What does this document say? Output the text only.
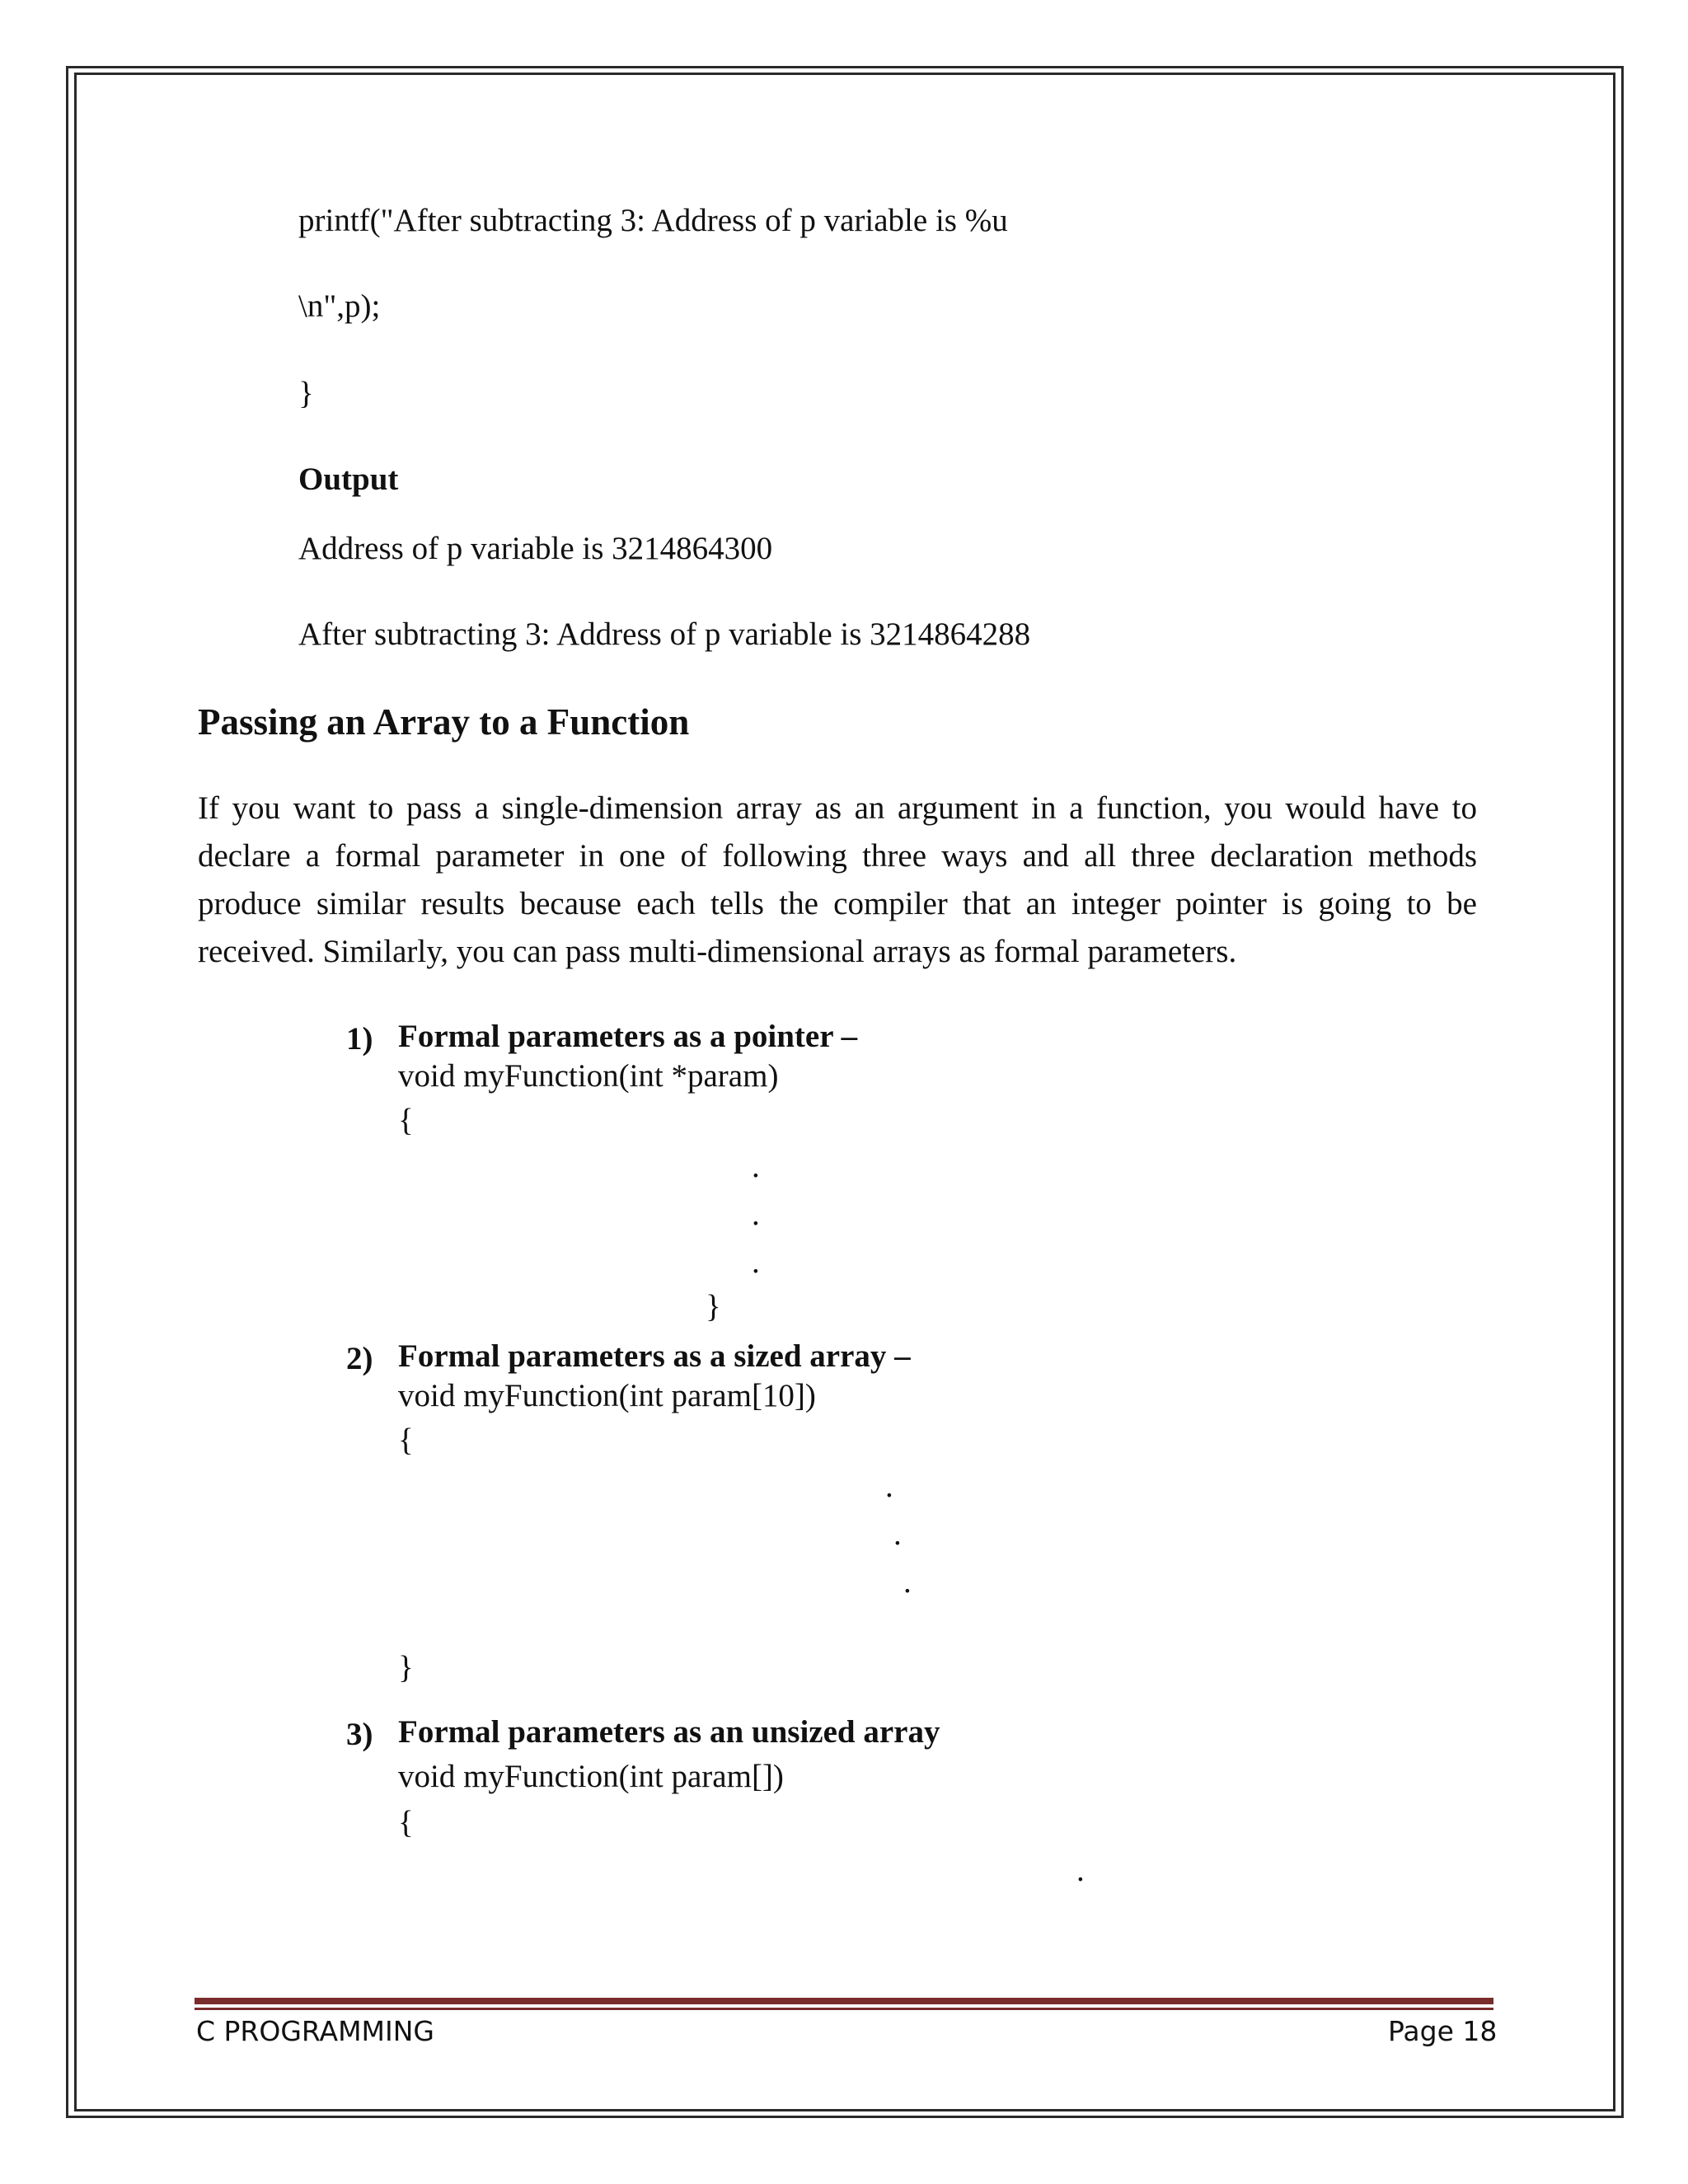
printf("After subtracting 3: Address of p variable is %u
\n",p);
}
Output
Address of p variable is 3214864300
After subtracting 3: Address of p variable is 3214864288
Passing an Array to a Function
If you want to pass a single-dimension array as an argument in a function, you would have to declare a formal parameter in one of following three ways and all three declaration methods produce similar results because each tells the compiler that an integer pointer is going to be received. Similarly, you can pass multi-dimensional arrays as formal parameters.
1) Formal parameters as a pointer –
void myFunction(int *param)
{
.
.
.
}
2) Formal parameters as a sized array –
void myFunction(int param[10])
{
.
.
.
}
3) Formal parameters as an unsized array
void myFunction(int param[])
{
.
C PROGRAMMING	Page 18
